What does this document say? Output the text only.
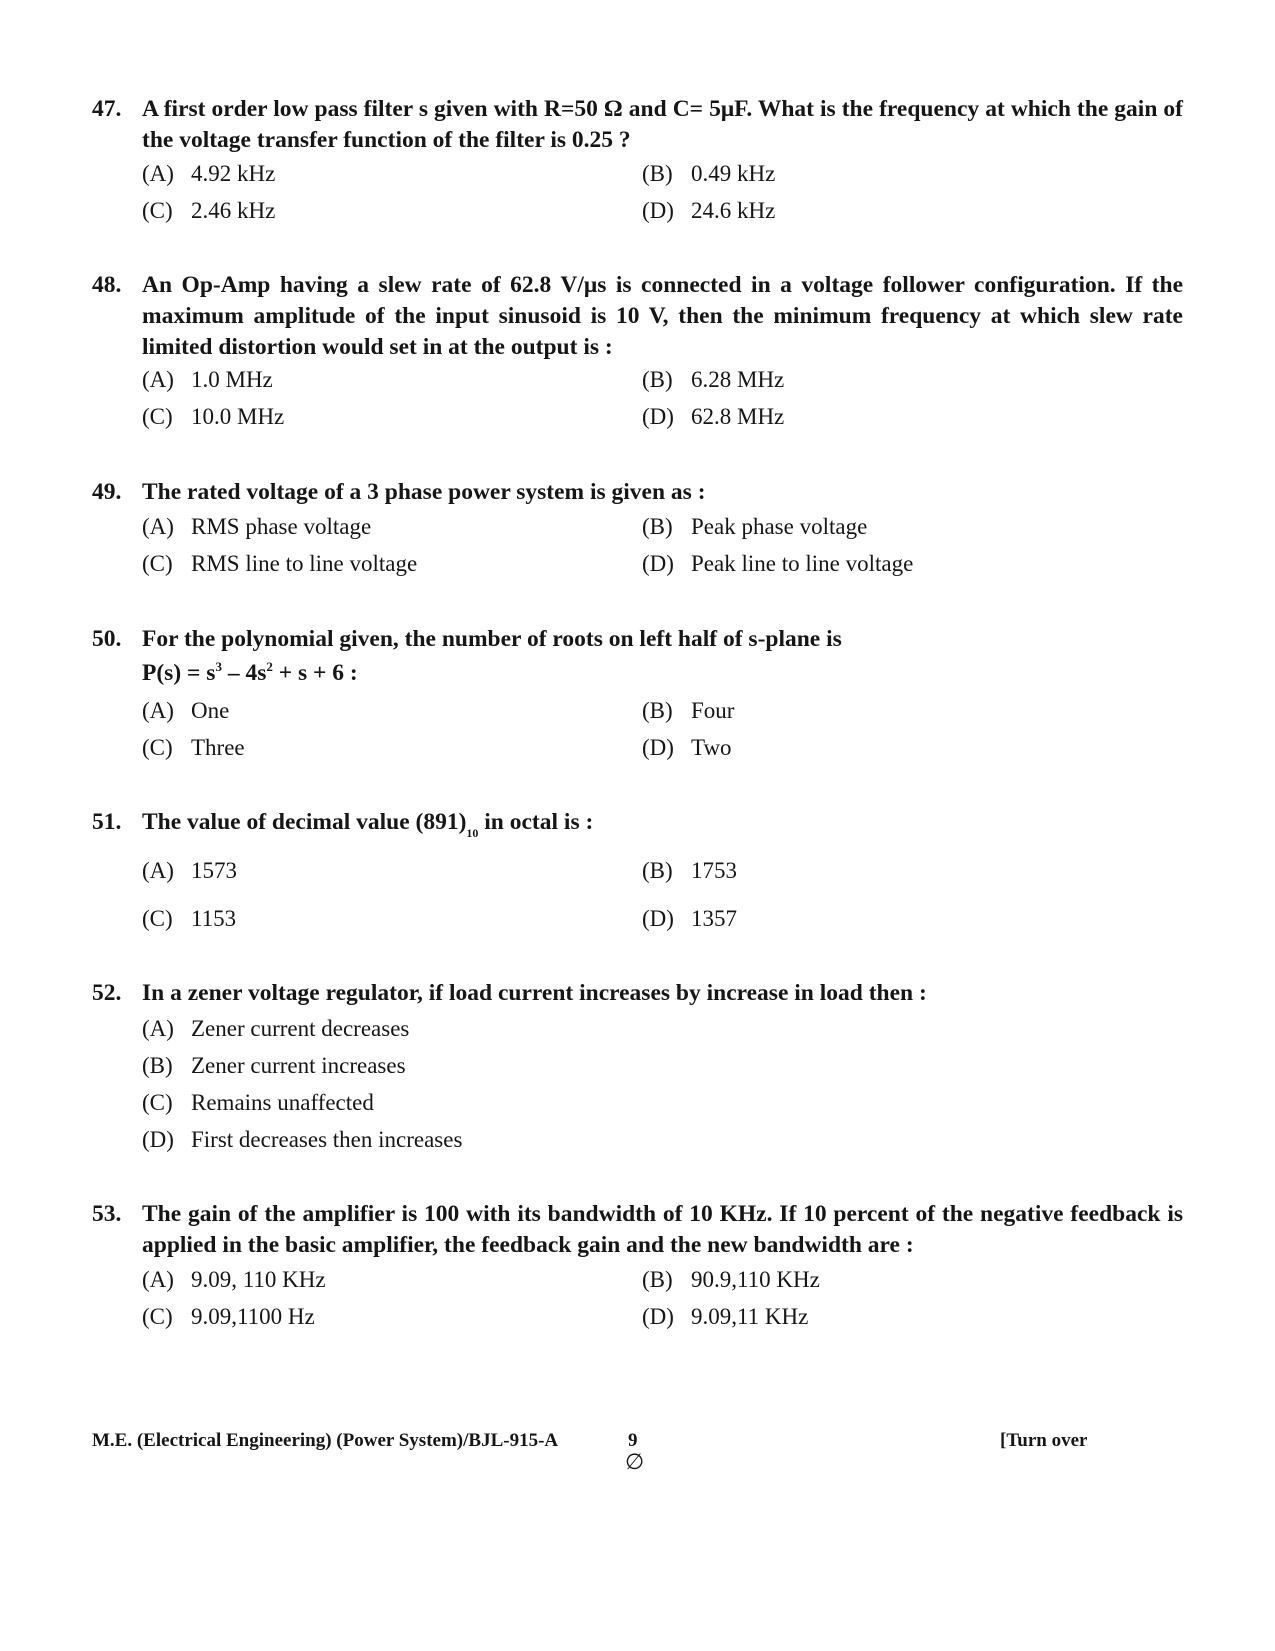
47. A first order low pass filter s given with R=50 Ω and C= 5μF. What is the frequency at which the gain of the voltage transfer function of the filter is 0.25 ?
(A) 4.92 kHz	(B) 0.49 kHz
(C) 2.46 kHz	(D) 24.6 kHz
48. An Op-Amp having a slew rate of 62.8 V/μs is connected in a voltage follower configuration. If the maximum amplitude of the input sinusoid is 10 V, then the minimum frequency at which slew rate limited distortion would set in at the output is :
(A) 1.0 MHz	(B) 6.28 MHz
(C) 10.0 MHz	(D) 62.8 MHz
49. The rated voltage of a 3 phase power system is given as :
(A) RMS phase voltage	(B) Peak phase voltage
(C) RMS line to line voltage	(D) Peak line to line voltage
50. For the polynomial given, the number of roots on left half of s-plane is
$P(s) = s^3 - 4s^2 + s + 6$ :
(A) One	(B) Four
(C) Three	(D) Two
51. The value of decimal value $(891)_{10}$ in octal is :
(A) 1573	(B) 1753
(C) 1153	(D) 1357
52. In a zener voltage regulator, if load current increases by increase in load then :
(A) Zener current decreases
(B) Zener current increases
(C) Remains unaffected
(D) First decreases then increases
53. The gain of the amplifier is 100 with its bandwidth of 10 KHz. If 10 percent of the negative feedback is applied in the basic amplifier, the feedback gain and the new bandwidth are :
(A) 9.09, 110 KHz	(B) 90.9,110 KHz
(C) 9.09,1100 Hz	(D) 9.09,11 KHz
M.E. (Electrical Engineering) (Power System)/BJL-915-A	9
∅
[Turn over
